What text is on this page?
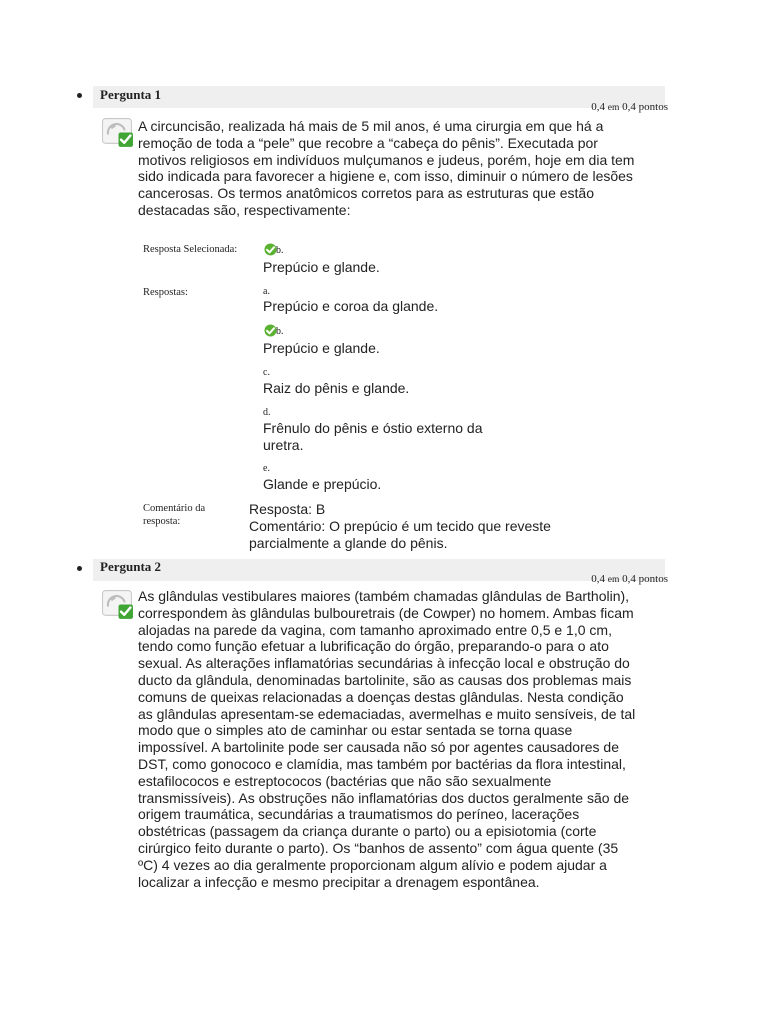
Pergunta 1
0,4 em 0,4 pontos
A circuncisão, realizada há mais de 5 mil anos, é uma cirurgia em que há a remoção de toda a “pele” que recobre a “cabeça do pênis”. Executada por motivos religiosos em indivíduos mulçumanos e judeus, porém, hoje em dia tem sido indicada para favorecer a higiene e, com isso, diminuir o número de lesões cancerosas. Os termos anatômicos corretos para as estruturas que estão destacadas são, respectivamente:
Resposta Selecionada:	b.
Prepúcio e glande.
Respostas:	a.
Prepúcio e coroa da glande.
b.
Prepúcio e glande.
c.
Raiz do pênis e glande.
d.
Frênulo do pênis e óstio externo da uretra.
e.
Glande e prepúcio.
Comentário da resposta:
Resposta: B
Comentário: O prepúcio é um tecido que reveste parcialmente a glande do pênis.
Pergunta 2
0,4 em 0,4 pontos
As glândulas vestibulares maiores (também chamadas glândulas de Bartholin), correspondem às glândulas bulbouretrais (de Cowper) no homem. Ambas ficam alojadas na parede da vagina, com tamanho aproximado entre 0,5 e 1,0 cm, tendo como função efetuar a lubrificação do órgão, preparando-o para o ato sexual. As alterações inflamatórias secundárias à infecção local e obstrução do ducto da glândula, denominadas bartolinite, são as causas dos problemas mais comuns de queixas relacionadas a doenças destas glândulas. Nesta condição as glândulas apresentam-se edemaciadas, avermelhas e muito sensíveis, de tal modo que o simples ato de caminhar ou estar sentada se torna quase impossível. A bartolinite pode ser causada não só por agentes causadores de DST, como gonococo e clamídia, mas também por bactérias da flora intestinal, estafilococos e estreptococos (bactérias que não são sexualmente transmissíveis). As obstruções não inflamatórias dos ductos geralmente são de origem traumática, secundárias a traumatismos do períneo, lacerações obstétricas (passagem da criança durante o parto) ou a episiotomia (corte cirúrgico feito durante o parto). Os “banhos de assento” com água quente (35 ºC) 4 vezes ao dia geralmente proporcionam algum alívio e podem ajudar a localizar a infecção e mesmo precipitar a drenagem espontânea.
